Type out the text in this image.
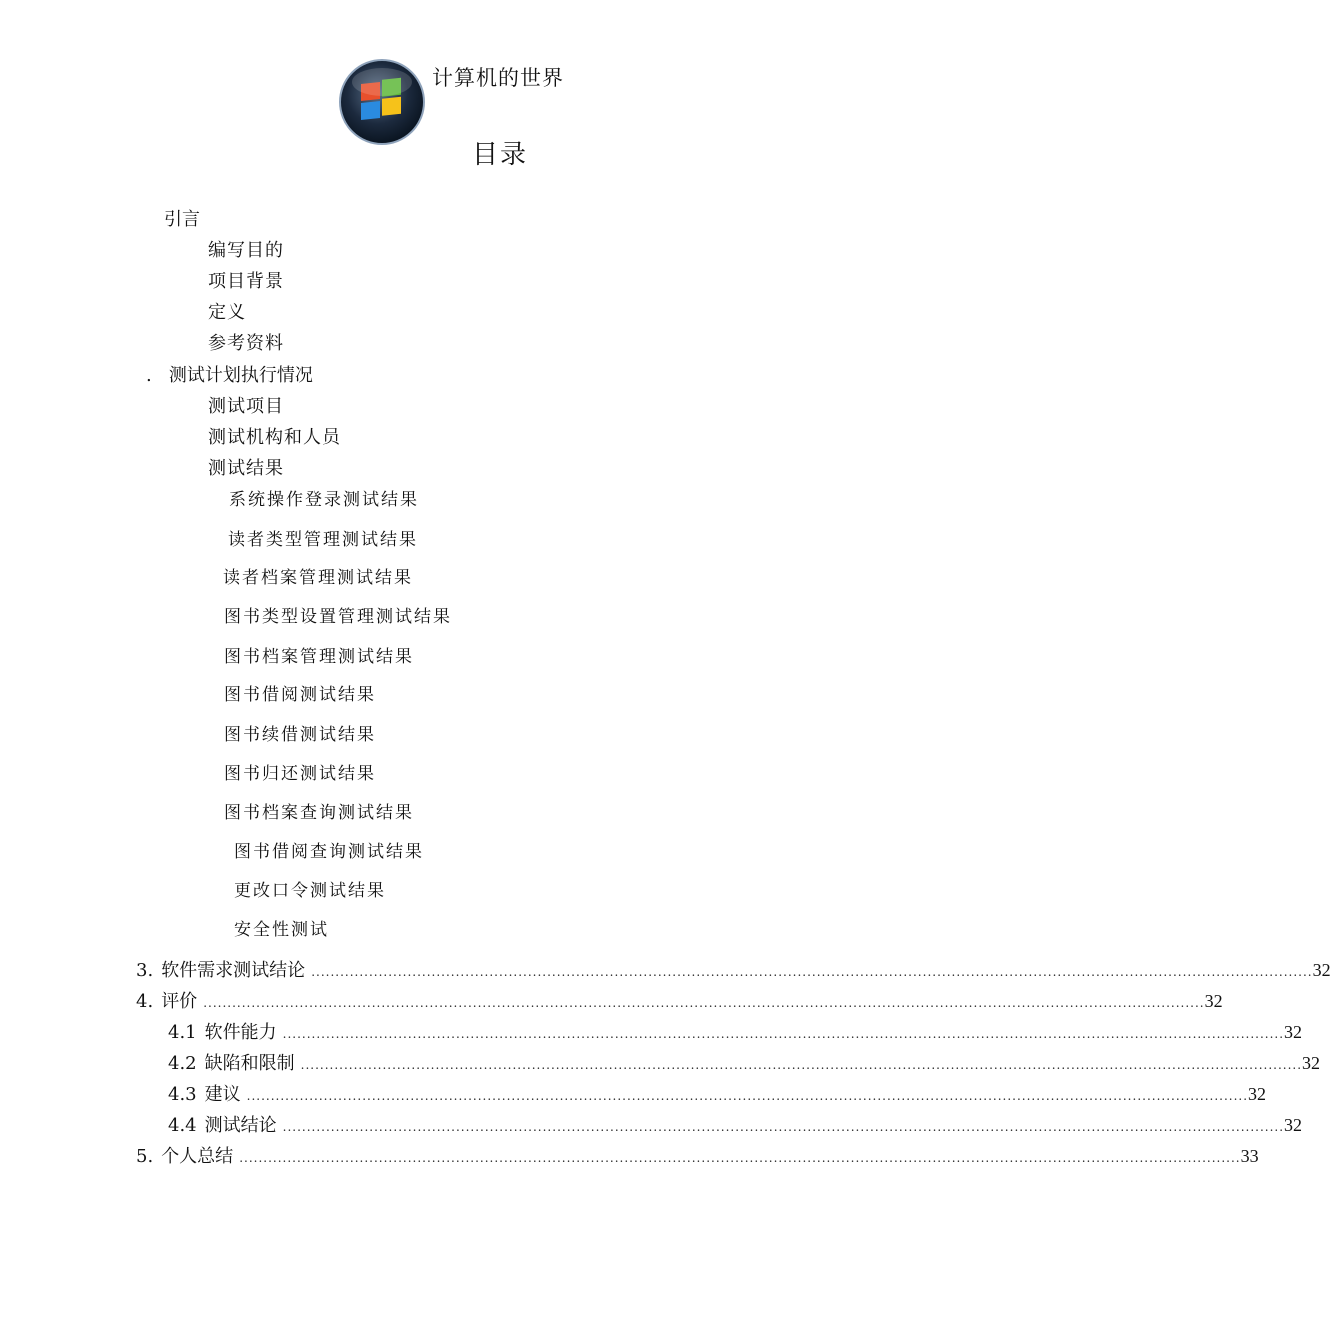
计算机的世界
目录
引言
编写目的
项目背景
定义
参考资料
.   测试计划执行情况
测试项目
测试机构和人员
测试结果
系统操作登录测试结果
读者类型管理测试结果
读者档案管理测试结果
图书类型设置管理测试结果
图书档案管理测试结果
图书借阅测试结果
图书续借测试结果
图书归还测试结果
图书档案查询测试结果
图书借阅查询测试结果
更改口令测试结果
安全性测试
3. 软件需求测试结论 ................................................................................................................................................................................................................ 32
4. 评价 ................................................................................................................................................................................................................ 32
4.1 软件能力 ................................................................................................................................................................................................................ 32
4.2 缺陷和限制 ................................................................................................................................................................................................................ 32
4.3 建议 ................................................................................................................................................................................................................ 32
4.4 测试结论 ................................................................................................................................................................................................................ 32
5. 个人总结 ................................................................................................................................................................................................................ 33
